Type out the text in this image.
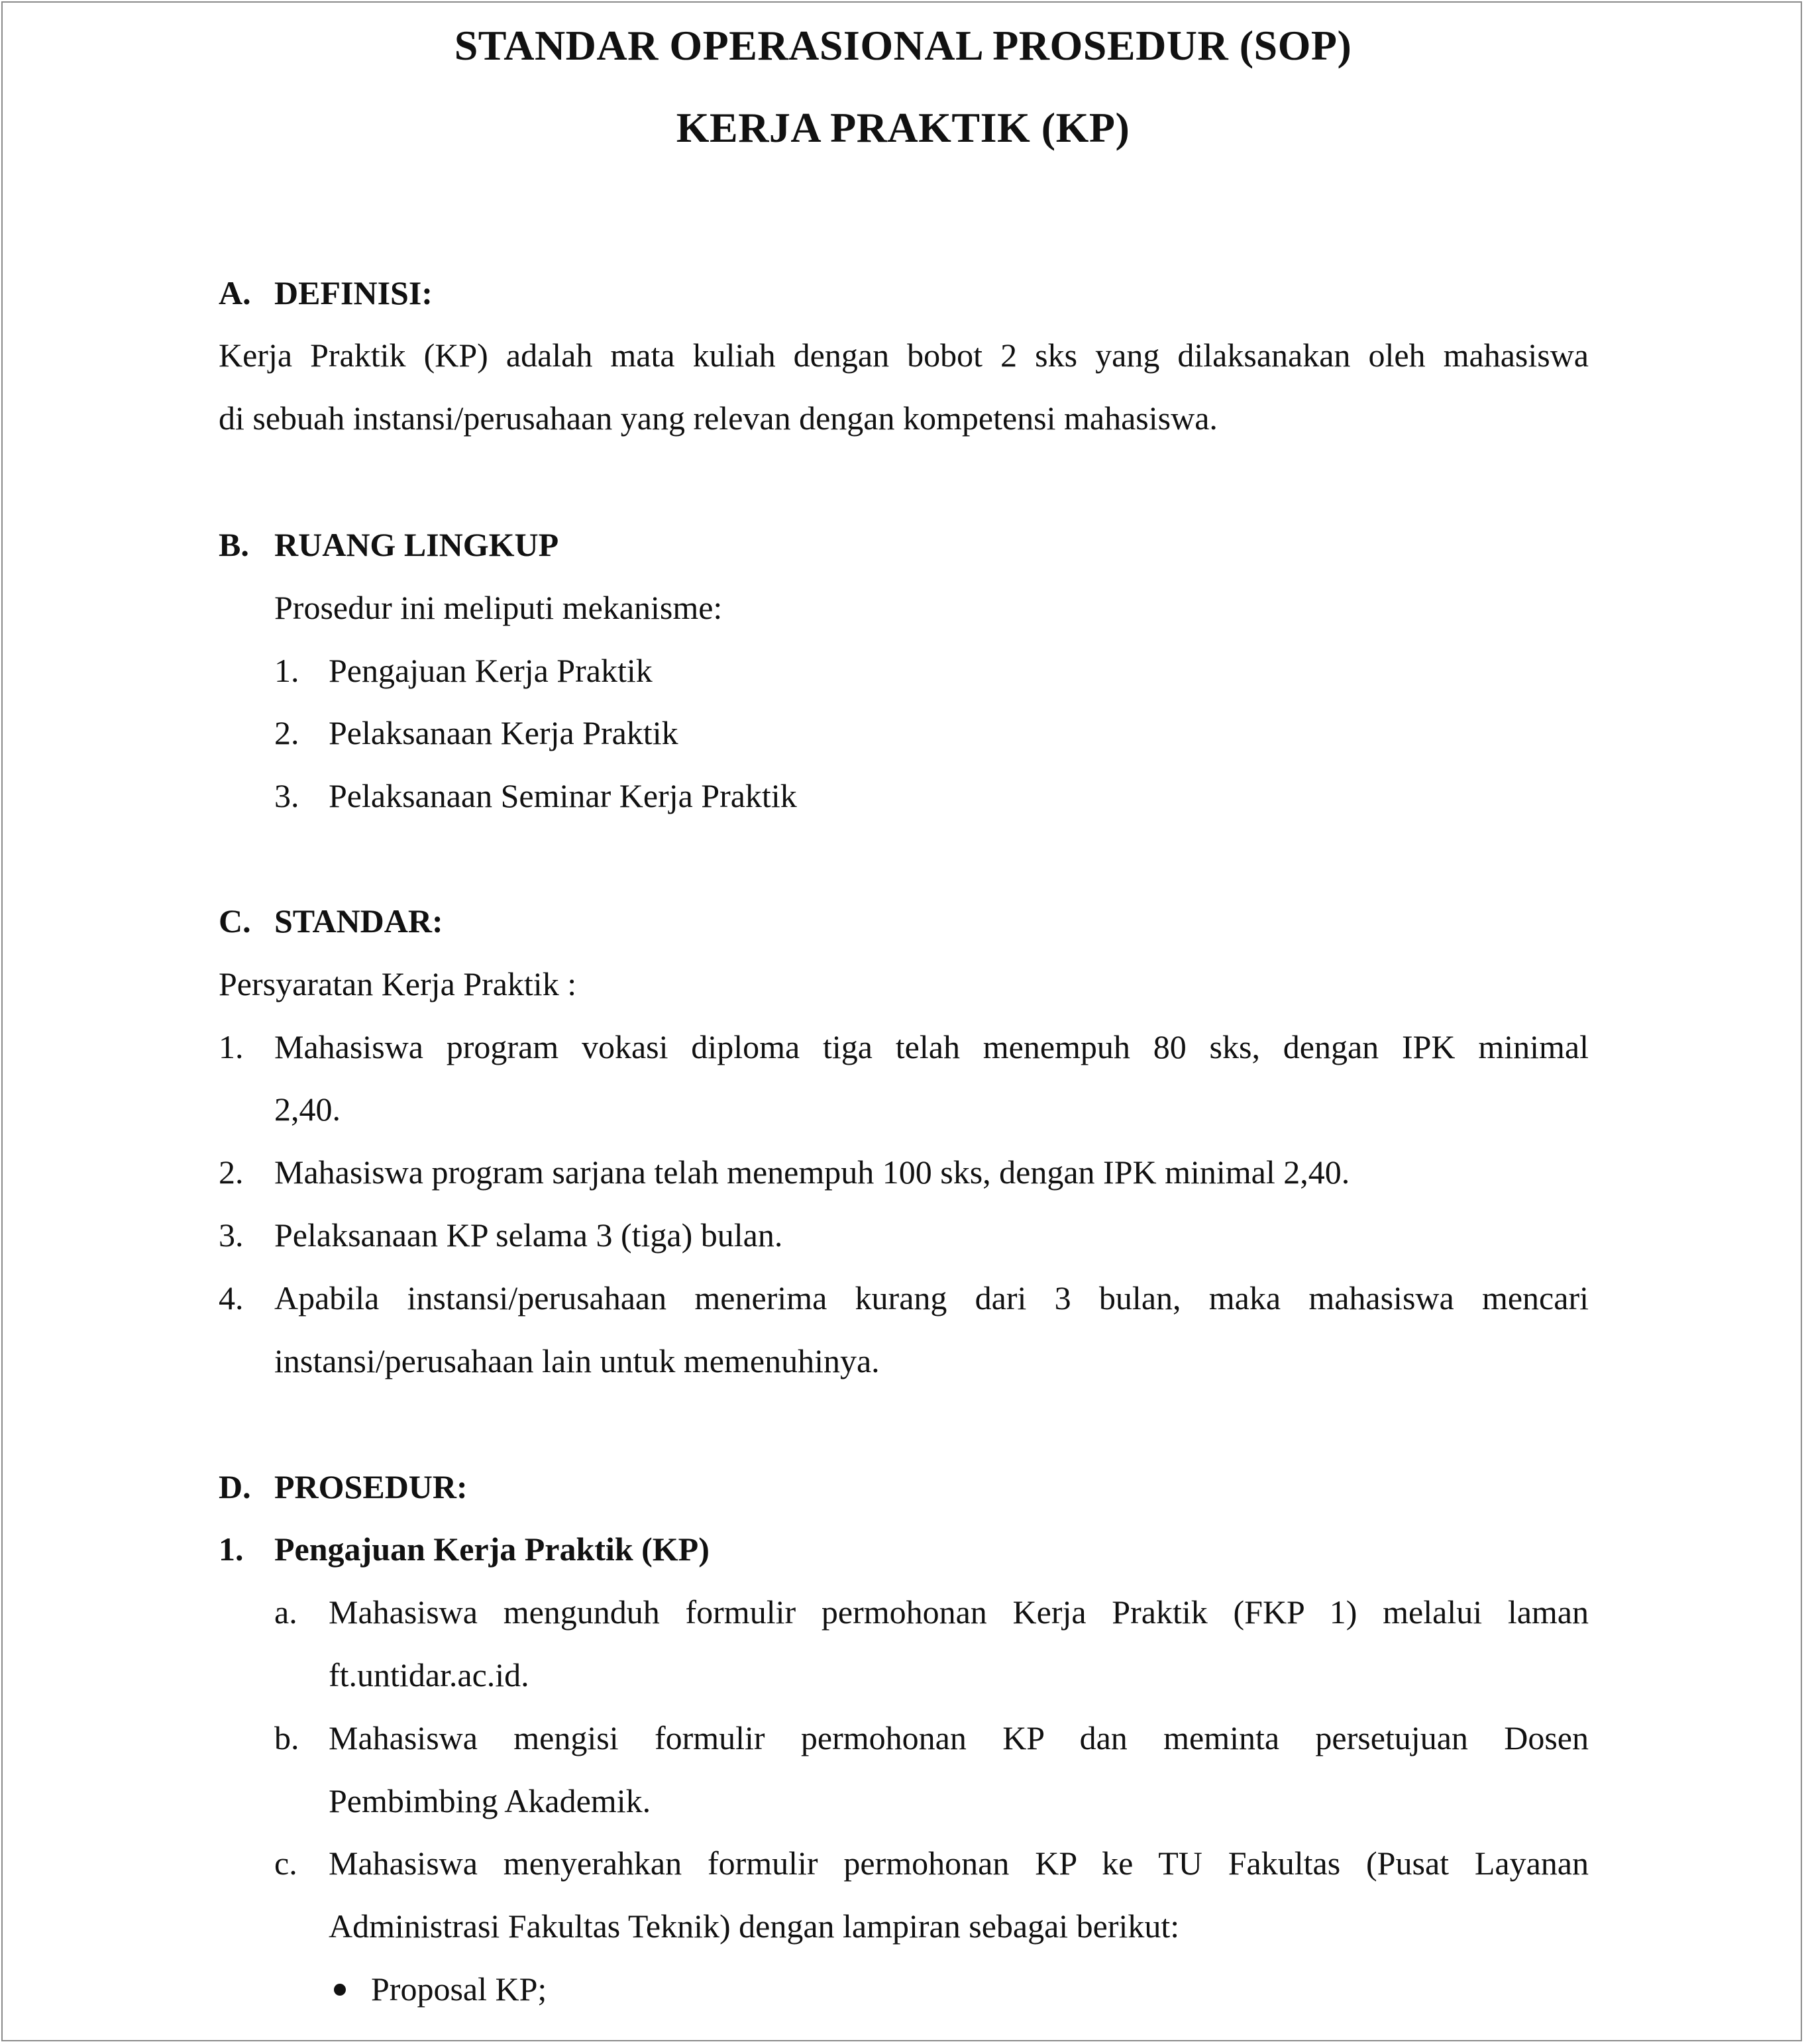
STANDAR OPERASIONAL PROSEDUR (SOP)
KERJA PRAKTIK (KP)
A. DEFINISI:
Kerja Praktik (KP) adalah mata kuliah dengan bobot 2 sks yang dilaksanakan oleh mahasiswa
di sebuah instansi/perusahaan yang relevan dengan kompetensi mahasiswa.
B. RUANG LINGKUP
Prosedur ini meliputi mekanisme:
1. Pengajuan Kerja Praktik
2. Pelaksanaan Kerja Praktik
3. Pelaksanaan Seminar Kerja Praktik
C. STANDAR:
Persyaratan Kerja Praktik :
1. Mahasiswa program vokasi diploma tiga telah menempuh 80 sks, dengan IPK minimal
2,40.
2. Mahasiswa program sarjana telah menempuh 100 sks, dengan IPK minimal 2,40.
3. Pelaksanaan KP selama 3 (tiga) bulan.
4. Apabila instansi/perusahaan menerima kurang dari 3 bulan, maka mahasiswa mencari
instansi/perusahaan lain untuk memenuhinya.
D. PROSEDUR:
1. Pengajuan Kerja Praktik (KP)
a. Mahasiswa mengunduh formulir permohonan Kerja Praktik (FKP 1) melalui laman
ft.untidar.ac.id.
b. Mahasiswa mengisi formulir permohonan KP dan meminta persetujuan Dosen
Pembimbing Akademik.
c. Mahasiswa menyerahkan formulir permohonan KP ke TU Fakultas (Pusat Layanan
Administrasi Fakultas Teknik) dengan lampiran sebagai berikut:
Proposal KP;
